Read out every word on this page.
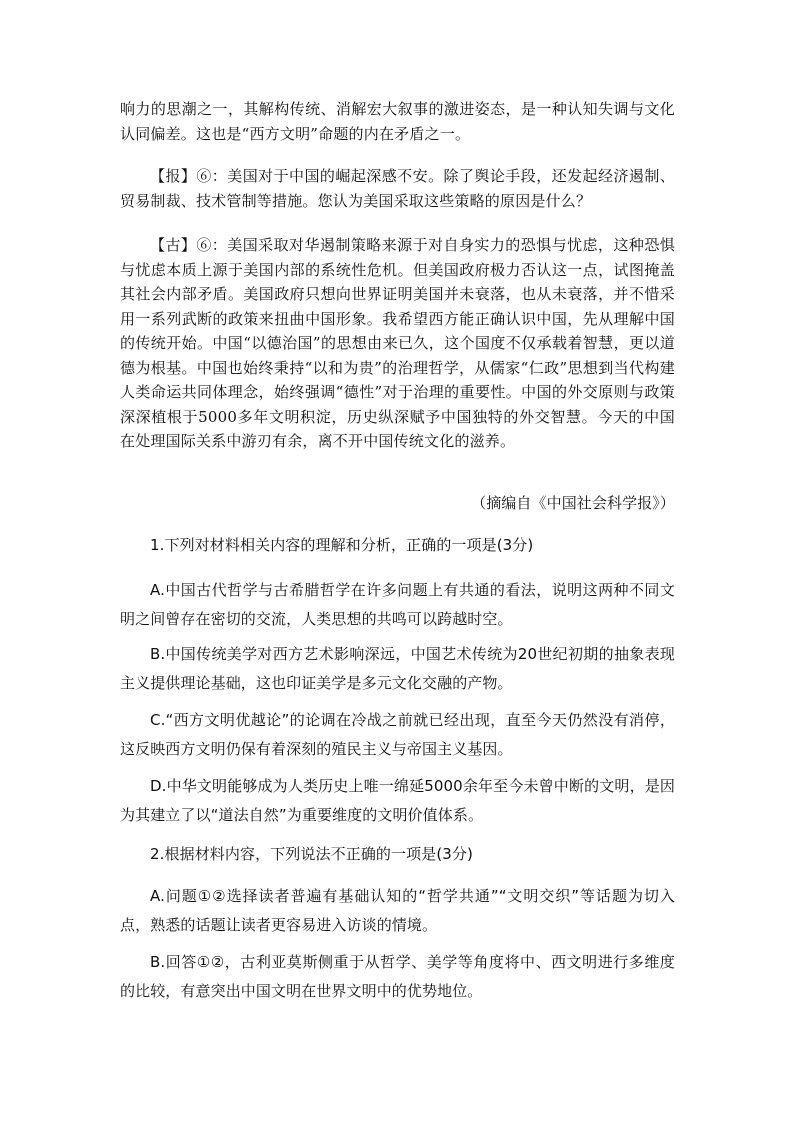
响力的思潮之一，其解构传统、消解宏大叙事的激进姿态，是一种认知失调与文化认同偏差。这也是“西方文明”命题的内在矛盾之一。

【报】⑥：美国对于中国的崛起深感不安。除了舆论手段，还发起经济遏制、贸易制裁、技术管制等措施。您认为美国采取这些策略的原因是什么？

【古】⑥：美国采取对华遏制策略来源于对自身实力的恐惧与忧虑，这种恐惧与忧虑本质上源于美国内部的系统性危机。但美国政府极力否认这一点，试图掩盖其社会内部矛盾。美国政府只想向世界证明美国并未衰落，也从未衰落，并不惜采用一系列武断的政策来扭曲中国形象。我希望西方能正确认识中国，先从理解中国的传统开始。中国“以德治国”的思想由来已久，这个国度不仅承载着智慧，更以道德为根基。中国也始终秉持“以和为贵”的治理哲学，从儒家“仁政”思想到当代构建人类命运共同体理念，始终强调“德性”对于治理的重要性。中国的外交原则与政策深深植根于5000多年文明积淀，历史纵深赋予中国独特的外交智慧。今天的中国在处理国际关系中游刃有余，离不开中国传统文化的滋养。

（摘编自《中国社会科学报》）

1.下列对材料相关内容的理解和分析，正确的一项是(3分)

A.中国古代哲学与古希腊哲学在许多问题上有共通的看法，说明这两种不同文明之间曾存在密切的交流，人类思想的共鸣可以跨越时空。

B.中国传统美学对西方艺术影响深远，中国艺术传统为20世纪初期的抽象表现主义提供理论基础，这也印证美学是多元文化交融的产物。

C.“西方文明优越论”的论调在冷战之前就已经出现，直至今天仍然没有消停，这反映西方文明仍保有着深刻的殖民主义与帝国主义基因。

D.中华文明能够成为人类历史上唯一绵延5000余年至今未曾中断的文明，是因为其建立了以“道法自然”为重要维度的文明价值体系。

2.根据材料内容，下列说法不正确的一项是(3分)

A.问题①②选择读者普遍有基础认知的“哲学共通”“文明交织”等话题为切入点，熟悉的话题让读者更容易进入访谈的情境。

B.回答①②，古利亚莫斯侧重于从哲学、美学等角度将中、西文明进行多维度的比较，有意突出中国文明在世界文明中的优势地位。
